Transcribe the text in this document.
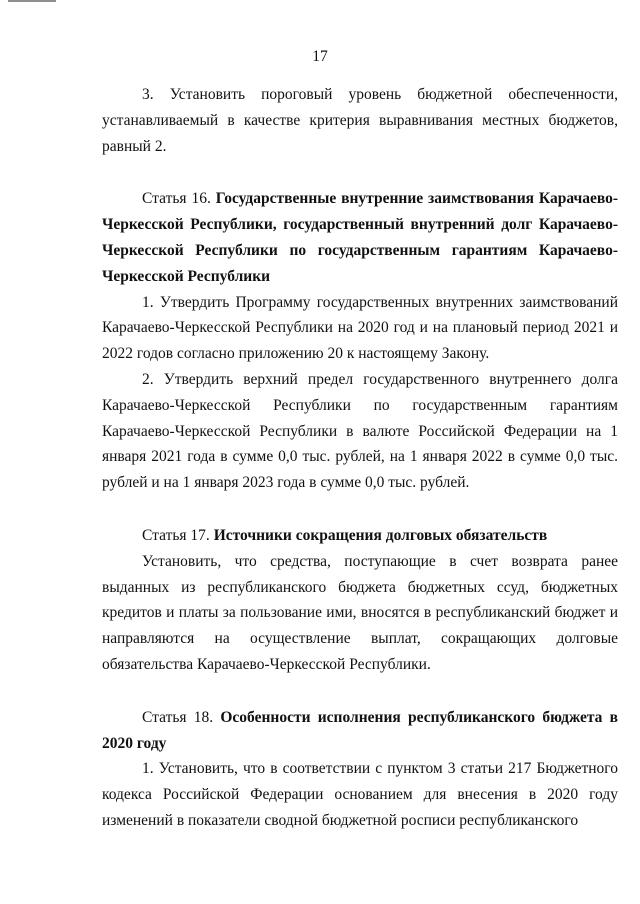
17

3. Установить пороговый уровень бюджетной обеспеченности, устанавливаемый в качестве критерия выравнивания местных бюджетов, равный 2.

Статья 16. Государственные внутренние заимствования Карачаево-Черкесской Республики, государственный внутренний долг Карачаево-Черкесской Республики по государственным гарантиям Карачаево-Черкесской Республики

1. Утвердить Программу государственных внутренних заимствований Карачаево-Черкесской Республики на 2020 год и на плановый период 2021 и 2022 годов согласно приложению 20 к настоящему Закону.

2. Утвердить верхний предел государственного внутреннего долга Карачаево-Черкесской Республики по государственным гарантиям Карачаево-Черкесской Республики в валюте Российской Федерации на 1 января 2021 года в сумме 0,0 тыс. рублей, на 1 января 2022 в сумме 0,0 тыс. рублей и на 1 января 2023 года в сумме 0,0 тыс. рублей.

Статья 17. Источники сокращения долговых обязательств

Установить, что средства, поступающие в счет возврата ранее выданных из республиканского бюджета бюджетных ссуд, бюджетных кредитов и платы за пользование ими, вносятся в республиканский бюджет и направляются на осуществление выплат, сокращающих долговые обязательства Карачаево-Черкесской Республики.

Статья 18. Особенности исполнения республиканского бюджета в 2020 году

1. Установить, что в соответствии с пунктом 3 статьи 217 Бюджетного кодекса Российской Федерации основанием для внесения в 2020 году изменений в показатели сводной бюджетной росписи республиканского
